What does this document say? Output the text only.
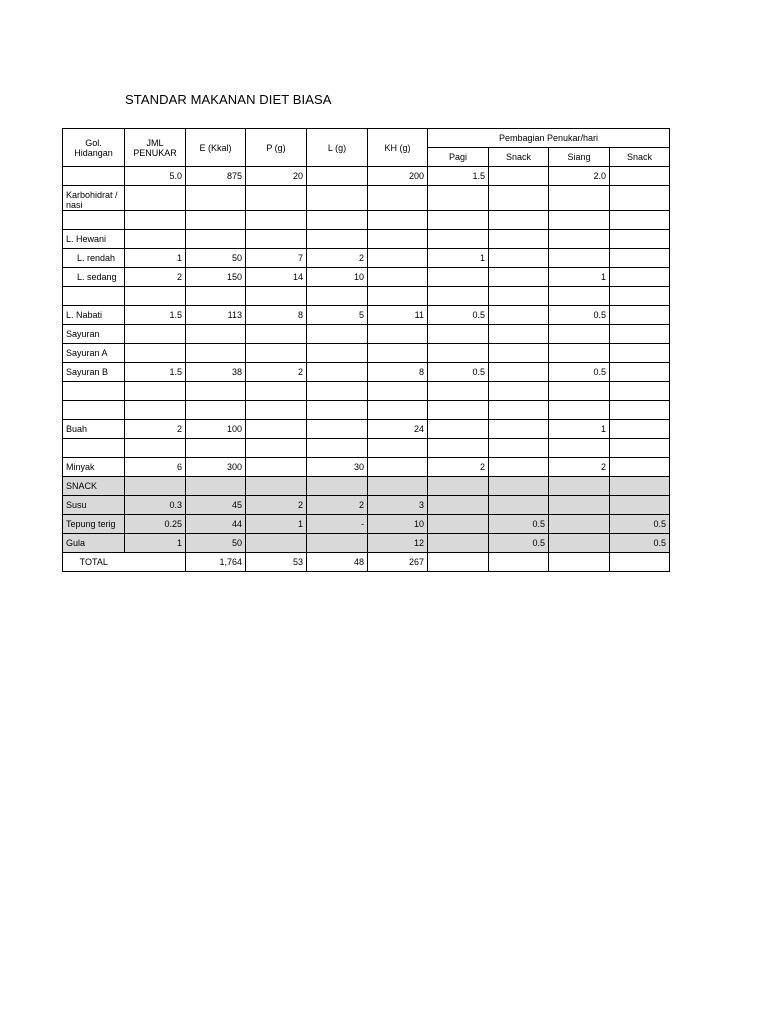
STANDAR MAKANAN DIET BIASA
Gol. Hidangan	JML PENUKAR	E (Kkal)	P (g)	L (g)	KH (g)	Pembagian Penukar/hari			
						Pagi	Snack	Siang	Snack
	5.0	875	20		200	1.5		2.0	
Karbohidrat / nasi									

L. Hewani									
L. rendah	1	50	7	2		1			
L. sedang	2	150	14	10				1	

L. Nabati	1.5	113	8	5	11	0.5		0.5	
Sayuran									
Sayuran A									
Sayuran B	1.5	38	2		8	0.5		0.5	

Buah	2	100			24			1	

Minyak	6	300		30		2		2	
SNACK									
Susu	0.3	45	2	2	3				
Tepung terig	0.25	44	1	-	10		0.5		0.5
Gula	1	50			12		0.5		0.5
TOTAL		1,764	53	48	267				
